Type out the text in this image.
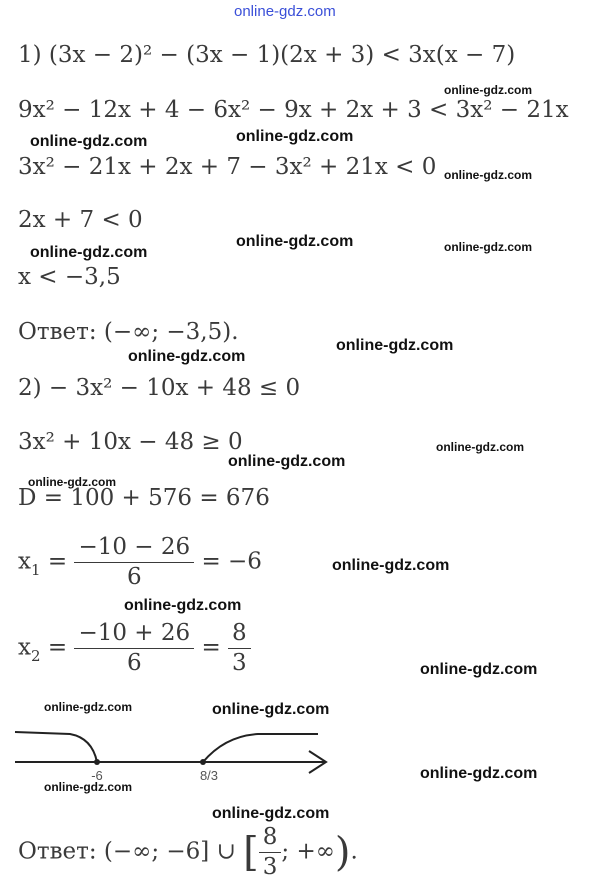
online-gdz.com
1) (3x − 2)² − (3x − 1)(2x + 3) < 3x(x − 7)
9x² − 12x + 4 − 6x² − 9x + 2x + 3 < 3x² − 21x
3x² − 21x + 2x + 7 − 3x² + 21x < 0
2x + 7 < 0
x < −3,5
Ответ: (−∞; −3,5).
2) − 3x² − 10x + 48 ≤ 0
3x² + 10x − 48 ≥ 0
D = 100 + 576 = 676
$x_1 = \frac{-10 - 26}{6} = -6$
$x_2 = \frac{-10 + 26}{6} = \frac{8}{3}$
-6	8/3
Ответ: (−∞; −6] ∪ [ $\frac{8}{3}$ ; +∞).
online-gdz.com
online-gdz.com	online-gdz.com
online-gdz.com
online-gdz.com	online-gdz.com
online-gdz.com
online-gdz.com
online-gdz.com
online-gdz.com
online-gdz.com
online-gdz.com
online-gdz.com
online-gdz.com
online-gdz.com
online-gdz.com	online-gdz.com
online-gdz.com
online-gdz.com
online-gdz.com
